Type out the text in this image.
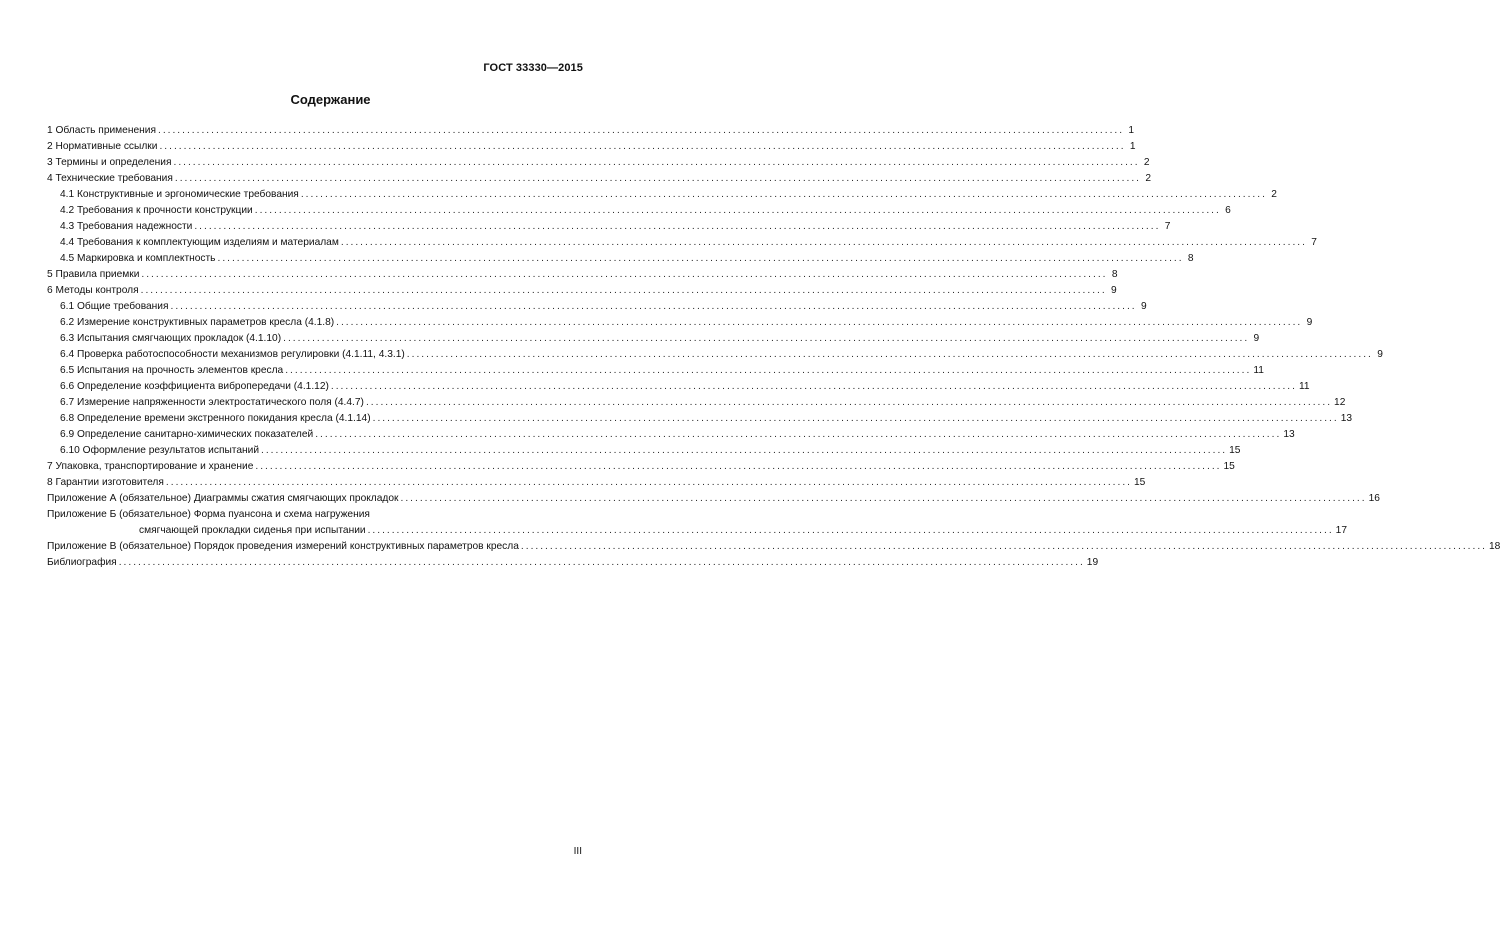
ГОСТ 33330—2015
Содержание
1 Область применения ........................................................................................................................................................................................................ 1
2 Нормативные ссылки ........................................................................................................................................................................................................ 1
3 Термины и определения ........................................................................................................................................................................................................ 2
4 Технические требования ........................................................................................................................................................................................................ 2
4.1 Конструктивные и эргономические требования ........................................................................................................................................................................................................ 2
4.2 Требования к прочности конструкции ........................................................................................................................................................................................................ 6
4.3 Требования надежности ........................................................................................................................................................................................................ 7
4.4 Требования к комплектующим изделиям и материалам ........................................................................................................................................................................................................ 7
4.5 Маркировка и комплектность ........................................................................................................................................................................................................ 8
5 Правила приемки ........................................................................................................................................................................................................ 8
6 Методы контроля ........................................................................................................................................................................................................ 9
6.1 Общие требования ........................................................................................................................................................................................................ 9
6.2 Измерение конструктивных параметров кресла (4.1.8) ........................................................................................................................................................................................................ 9
6.3 Испытания смягчающих прокладок (4.1.10) ........................................................................................................................................................................................................ 9
6.4 Проверка работоспособности механизмов регулировки (4.1.11, 4.3.1) ........................................................................................................................................................................................................ 9
6.5 Испытания на прочность элементов кресла ........................................................................................................................................................................................................ 11
6.6 Определение коэффициента вибропередачи (4.1.12) ........................................................................................................................................................................................................ 11
6.7 Измерение напряженности электростатического поля (4.4.7) ........................................................................................................................................................................................................ 12
6.8 Определение времени экстренного покидания кресла (4.1.14) ........................................................................................................................................................................................................ 13
6.9 Определение санитарно-химических показателей ........................................................................................................................................................................................................ 13
6.10 Оформление результатов испытаний ........................................................................................................................................................................................................ 15
7 Упаковка, транспортирование и хранение ........................................................................................................................................................................................................ 15
8 Гарантии изготовителя ........................................................................................................................................................................................................ 15
Приложение А (обязательное) Диаграммы сжатия смягчающих прокладок ........................................................................................................................................................................................................ 16
Приложение Б (обязательное) Форма пуансона и схема нагружения
смягчающей прокладки сиденья при испытании ........................................................................................................................................................................................................ 17
Приложение В (обязательное) Порядок проведения измерений конструктивных параметров кресла ........................................................................................................................................................................................................ 18
Библиография ........................................................................................................................................................................................................ 19
III
